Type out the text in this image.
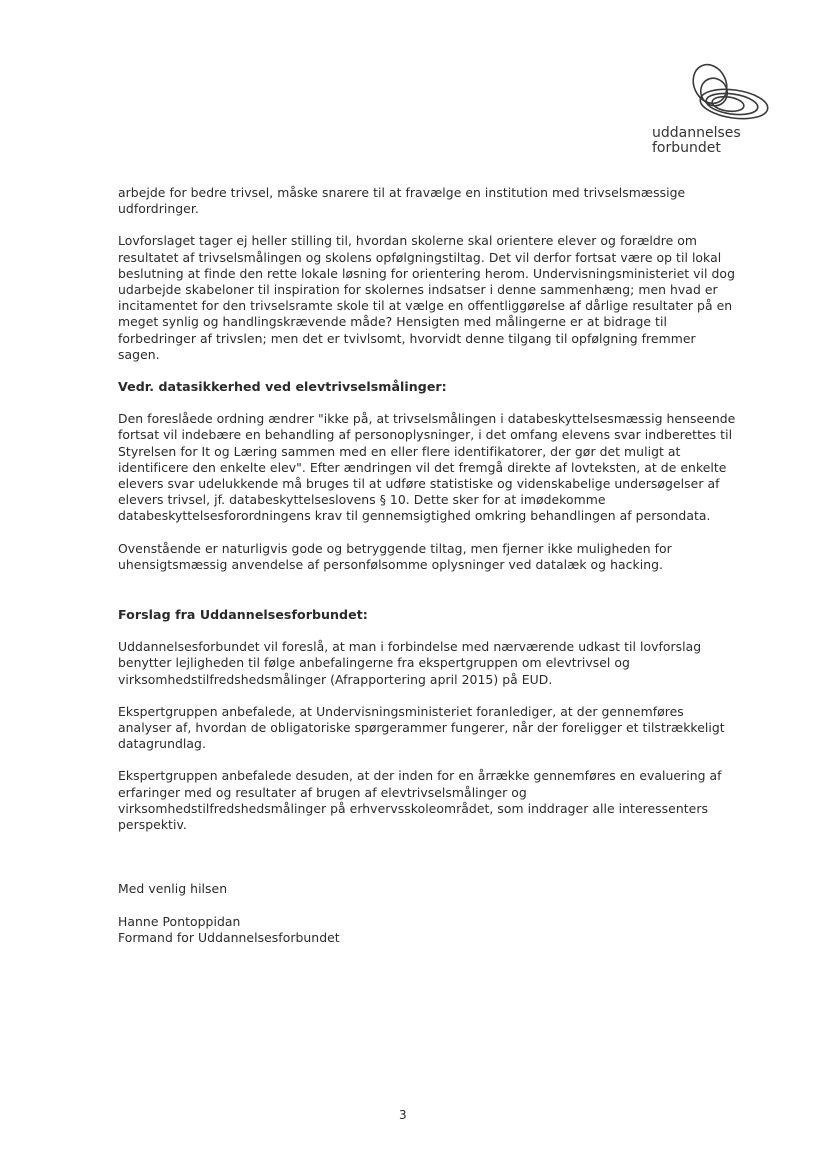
uddannelses
forbundet

arbejde for bedre trivsel, måske snarere til at fravælge en institution med trivselsmæssige udfordringer.

Lovforslaget tager ej heller stilling til, hvordan skolerne skal orientere elever og forældre om resultatet af trivselsmålingen og skolens opfølgningstiltag. Det vil derfor fortsat være op til lokal beslutning at finde den rette lokale løsning for orientering herom. Undervisningsministeriet vil dog udarbejde skabeloner til inspiration for skolernes indsatser i denne sammenhæng; men hvad er incitamentet for den trivselsramte skole til at vælge en offentliggørelse af dårlige resultater på en meget synlig og handlingskrævende måde? Hensigten med målingerne er at bidrage til forbedringer af trivslen; men det er tvivlsomt, hvorvidt denne tilgang til opfølgning fremmer sagen.

Vedr. datasikkerhed ved elevtrivselsmålinger:

Den foreslåede ordning ændrer "ikke på, at trivselsmålingen i databeskyttelsesmæssig henseende fortsat vil indebære en behandling af personoplysninger, i det omfang elevens svar indberettes til Styrelsen for It og Læring sammen med en eller flere identifikatorer, der gør det muligt at identificere den enkelte elev". Efter ændringen vil det fremgå direkte af lovteksten, at de enkelte elevers svar udelukkende må bruges til at udføre statistiske og videnskabelige undersøgelser af elevers trivsel, jf. databeskyttelseslovens § 10. Dette sker for at imødekomme databeskyttelsesforordningens krav til gennemsigtighed omkring behandlingen af persondata.

Ovenstående er naturligvis gode og betryggende tiltag, men fjerner ikke muligheden for uhensigtsmæssig anvendelse af personfølsomme oplysninger ved datalæk og hacking.

Forslag fra Uddannelsesforbundet:

Uddannelsesforbundet vil foreslå, at man i forbindelse med nærværende udkast til lovforslag benytter lejligheden til følge anbefalingerne fra ekspertgruppen om elevtrivsel og virksomhedstilfredshedsmålinger (Afrapportering april 2015) på EUD.

Ekspertgruppen anbefalede, at Undervisningsministeriet foranlediger, at der gennemføres analyser af, hvordan de obligatoriske spørgerammer fungerer, når der foreligger et tilstrækkeligt datagrundlag.

Ekspertgruppen anbefalede desuden, at der inden for en årrække gennemføres en evaluering af erfaringer med og resultater af brugen af elevtrivselsmålinger og virksomhedstilfredshedsmålinger på erhvervsskoleområdet, som inddrager alle interessenters perspektiv.

Med venlig hilsen

Hanne Pontoppidan

Formand for Uddannelsesforbundet

3
